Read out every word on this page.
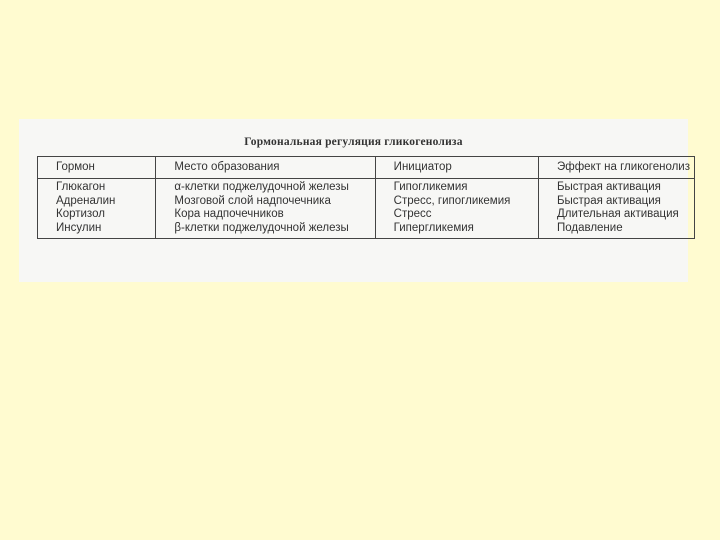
Гормональная регуляция гликогенолиза
Гормон	Место образования	Инициатор	Эффект на гликогенолиз
Глюкагон	α-клетки поджелудочной железы	Гипогликемия	Быстрая активация
Адреналин	Мозговой слой надпочечника	Стресс, гипогликемия	Быстрая активация
Кортизол	Кора надпочечников	Стресс	Длительная активация
Инсулин	β-клетки поджелудочной железы	Гипергликемия	Подавление
